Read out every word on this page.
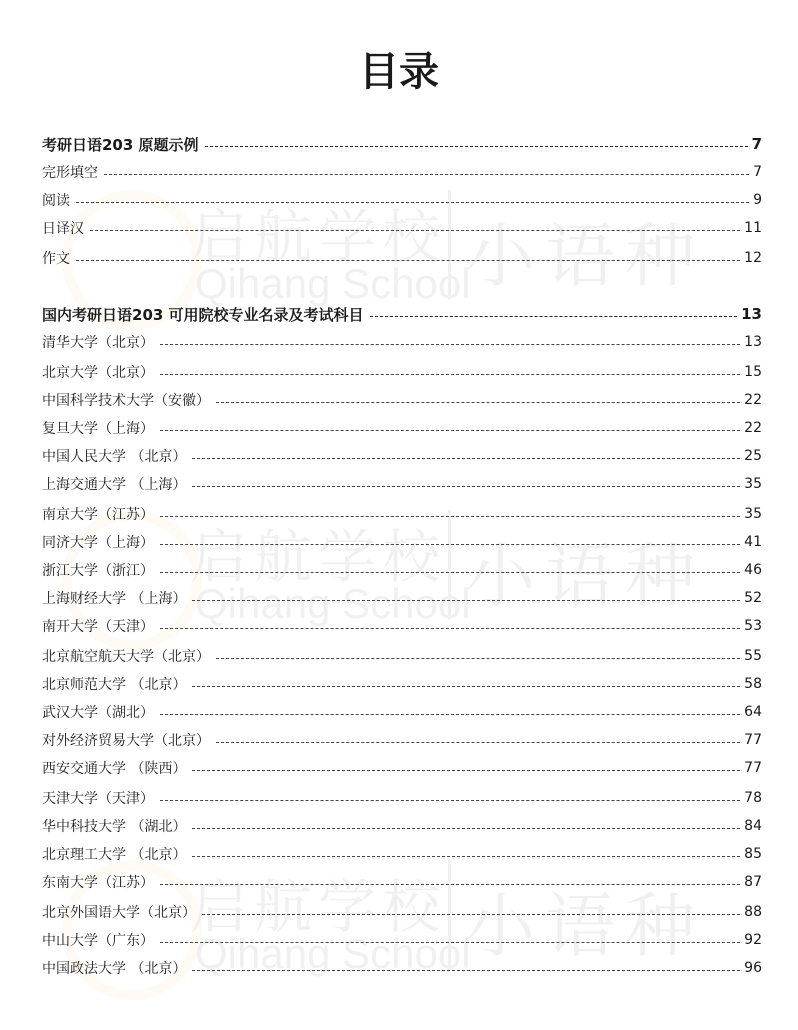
启航学校
Qihang School
小语种
启航学校
Qihang School
小语种
启航学校
Qihang School
小语种
目录
考研日语203 原题示例	7
完形填空	7
阅读	9
日译汉	11
作文	12
国内考研日语203 可用院校专业名录及考试科目	13
清华大学（北京）	13
北京大学（北京）	15
中国科学技术大学（安徽）	22
复旦大学（上海）	22
中国人民大学 （北京）	25
上海交通大学 （上海）	35
南京大学（江苏）	35
同济大学（上海）	41
浙江大学（浙江）	46
上海财经大学 （上海）	52
南开大学（天津）	53
北京航空航天大学（北京）	55
北京师范大学 （北京）	58
武汉大学（湖北）	64
对外经济贸易大学（北京）	77
西安交通大学 （陕西）	77
天津大学（天津）	78
华中科技大学 （湖北）	84
北京理工大学 （北京）	85
东南大学（江苏）	87
北京外国语大学（北京）	88
中山大学（广东）	92
中国政法大学 （北京）	96
